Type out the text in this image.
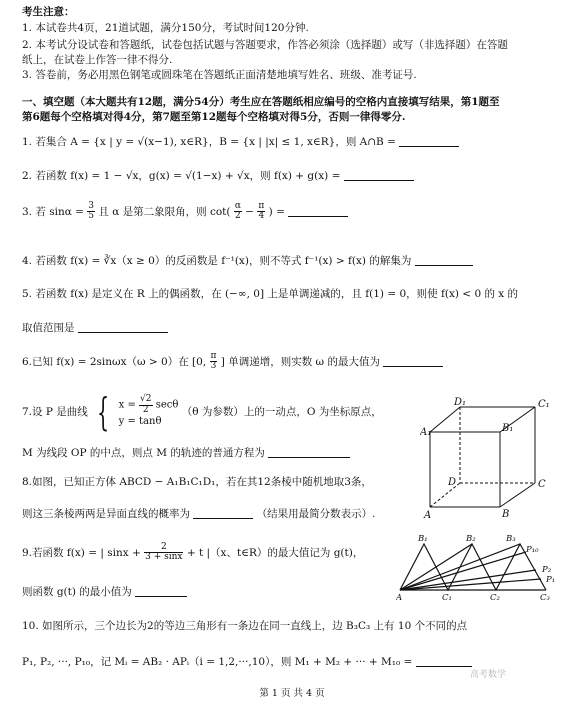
考生注意：
1. 本试卷共4页，21道试题，满分150分，考试时间120分钟.
2. 本考试分设试卷和答题纸，试卷包括试题与答题要求，作答必须涂（选择题）或写（非选择题）在答题
纸上，在试卷上作答一律不得分.
3. 答卷前，务必用黑色钢笔或圆珠笔在答题纸正面清楚地填写姓名、班级、准考证号.
一、填空题（本大题共有12题，满分54分）考生应在答题纸相应编号的空格内直接填写结果，第1题至
第6题每个空格填对得4分，第7题至第12题每个空格填对得5分，否则一律得零分.
1. 若集合 A = {x | y = √(x−1), x∈R}，B = {x | |x| ≤ 1, x∈R}，则 A∩B =
2. 若函数 f(x) = 1 − √x，g(x) = √(1−x) + √x，则 f(x) + g(x) =
3. 若 $\sin\alpha = \frac{3}{5}$ 且 α 是第二象限角，则 $\cot( \frac{\alpha}{2} - \frac{\pi}{4}$ ) =
4. 若函数 f(x) = ∛x（x ≥ 0）的反函数是 f⁻¹(x)，则不等式 f⁻¹(x) > f(x) 的解集为
5. 若函数 f(x) 是定义在 R 上的偶函数，在 (−∞, 0] 上是单调递减的，且 f(1) = 0，则使 f(x) < 0 的 x 的
取值范围是
6.已知 f(x) = 2sinωx（ω > 0）在 [0, $\frac{\pi}{3}$ ] 单调递增，则实数 ω 的最大值为
7.设 P 是曲线 { $x = \frac{√2}{2}$ secθ
y = tanθ
（θ 为参数）上的一动点，O 为坐标原点，
M 为线段 OP 的中点，则点 M 的轨迹的普通方程为
8.如图，已知正方体 ABCD − A₁B₁C₁D₁，若在其12条棱中随机地取3条，
则这三条棱两两是异面直线的概率为	（结果用最简分数表示）.
D₁	C₁
A₁	B₁
D	C
A	B
9.若函数 f(x) = | $\sin x + \frac{2}{3 + \sin x} + t$ |（x、t∈R）的最大值记为 g(t)，
则函数 g(t) 的最小值为
B₁	B₂	B₃
P₁₀
P₂
P₁
A	C₁	C₂	C₃
10. 如图所示，三个边长为2的等边三角形有一条边在同一直线上，边 B₃C₃ 上有 10 个不同的点
P₁, P₂, ···, P₁₀，记 Mᵢ = AB₂ · APᵢ（i = 1,2,···,10），则 M₁ + M₂ + ··· + M₁₀ =
高考数学
第 1 页 共 4 页
